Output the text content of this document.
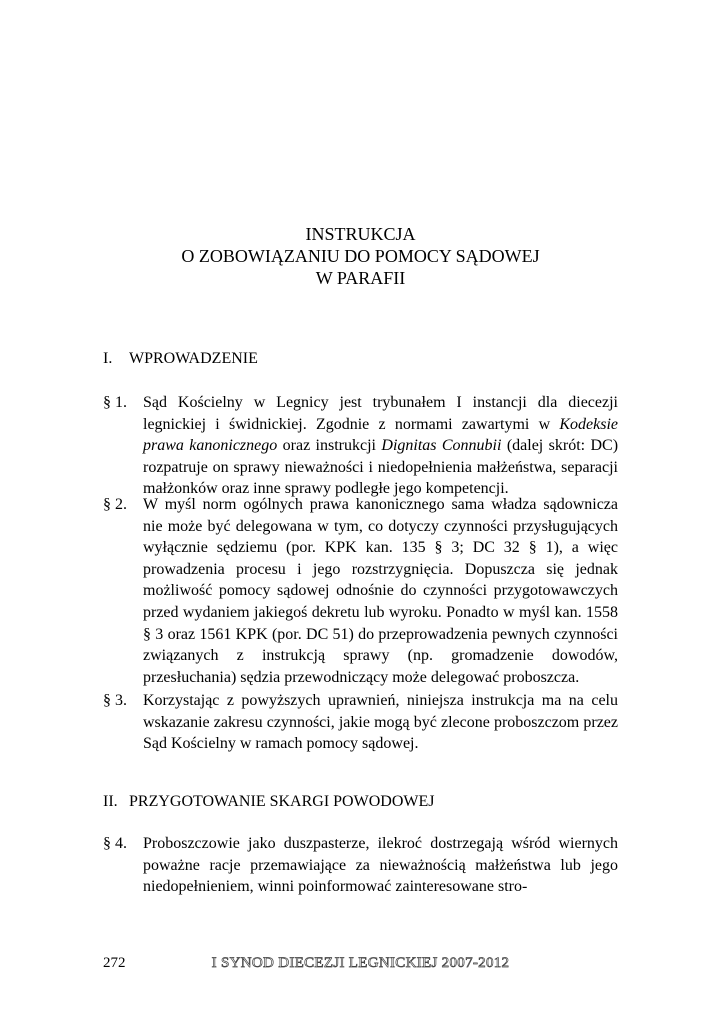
INSTRUKCJA
O ZOBOWIĄZANIU DO POMOCY SĄDOWEJ
W PARAFII
I. WPROWADZENIE
§ 1.	Sąd Kościelny w Legnicy jest trybunałem I instancji dla diecezji legnickiej i świdnickiej. Zgodnie z normami zawartymi w Kodeksie prawa kanonicznego oraz instrukcji Dignitas Connubii (dalej skrót: DC) rozpatruje on sprawy nieważności i niedopełnienia małżeństwa, separacji małżonków oraz inne sprawy podległe jego kompetencji.
§ 2.	W myśl norm ogólnych prawa kanonicznego sama władza sądownicza nie może być delegowana w tym, co dotyczy czynności przysługujących wyłącznie sędziemu (por. KPK kan. 135 § 3; DC 32 § 1), a więc prowadzenia procesu i jego rozstrzygnięcia. Dopuszcza się jednak możliwość pomocy sądowej odnośnie do czynności przygotowawczych przed wydaniem jakiegoś dekretu lub wyroku. Ponadto w myśl kan. 1558 § 3 oraz 1561 KPK (por. DC 51) do przeprowadzenia pewnych czynności związanych z instrukcją sprawy (np. gromadzenie dowodów, przesłuchania) sędzia przewodniczący może delegować proboszcza.
§ 3.	Korzystając z powyższych uprawnień, niniejsza instrukcja ma na celu wskazanie zakresu czynności, jakie mogą być zlecone proboszczom przez Sąd Kościelny w ramach pomocy sądowej.
II. PRZYGOTOWANIE SKARGI POWODOWEJ
§ 4.	Proboszczowie jako duszpasterze, ilekroć dostrzegają wśród wiernych poważne racje przemawiające za nieważnością małżeństwa lub jego niedopełnieniem, winni poinformować zainteresowane stro-
272	I SYNOD DIECEZJI LEGNICKIEJ 2007-2012
